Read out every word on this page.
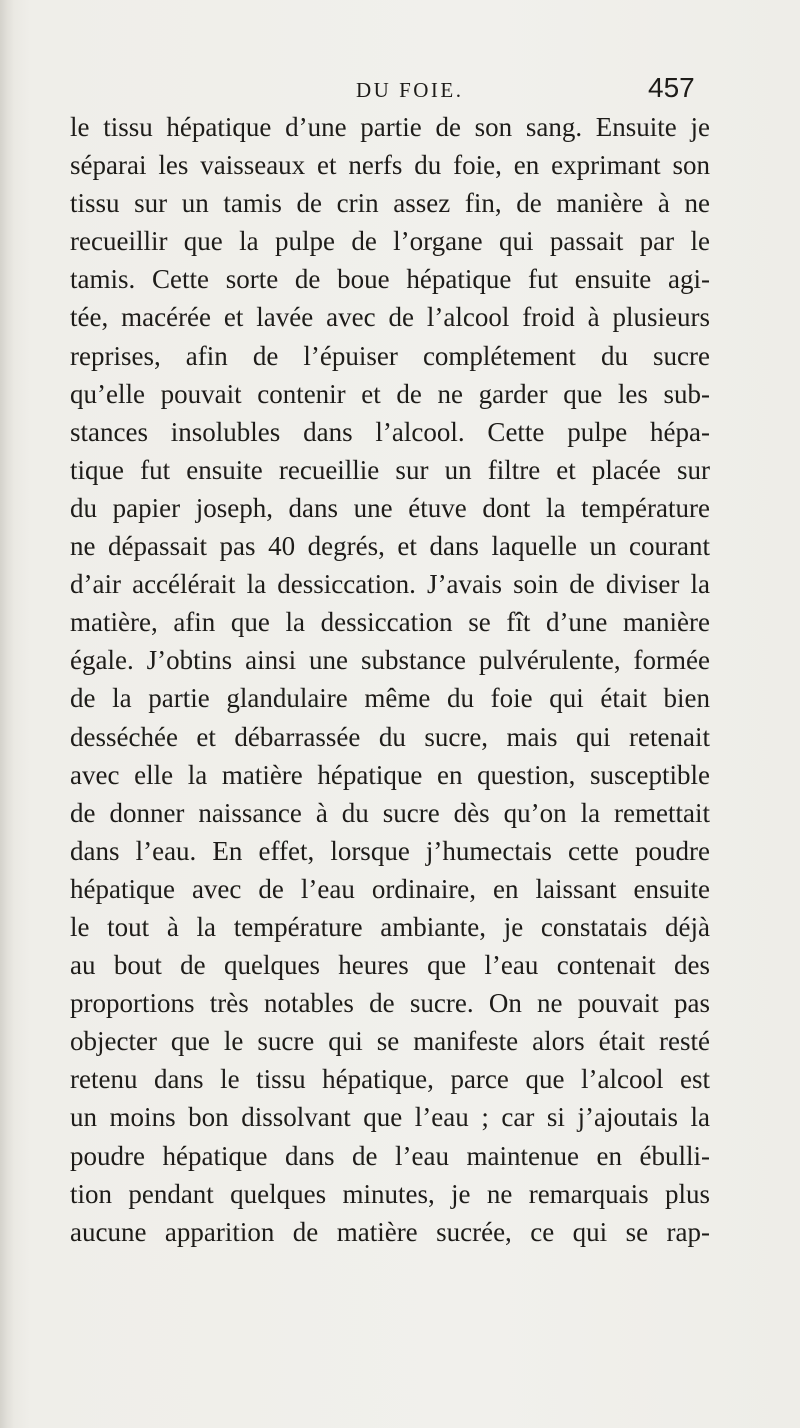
DU FOIE.	457
le tissu hépatique d’une partie de son sang. Ensuite je
séparai les vaisseaux et nerfs du foie, en exprimant son
tissu sur un tamis de crin assez fin, de manière à ne
recueillir que la pulpe de l’organe qui passait par le
tamis. Cette sorte de boue hépatique fut ensuite agi-
tée, macérée et lavée avec de l’alcool froid à plusieurs
reprises, afin de l’épuiser complétement du sucre
qu’elle pouvait contenir et de ne garder que les sub-
stances insolubles dans l’alcool. Cette pulpe hépa-
tique fut ensuite recueillie sur un filtre et placée sur
du papier joseph, dans une étuve dont la température
ne dépassait pas 40 degrés, et dans laquelle un courant
d’air accélérait la dessiccation. J’avais soin de diviser la
matière, afin que la dessiccation se fît d’une manière
égale. J’obtins ainsi une substance pulvérulente, formée
de la partie glandulaire même du foie qui était bien
desséchée et débarrassée du sucre, mais qui retenait
avec elle la matière hépatique en question, susceptible
de donner naissance à du sucre dès qu’on la remettait
dans l’eau. En effet, lorsque j’humectais cette poudre
hépatique avec de l’eau ordinaire, en laissant ensuite
le tout à la température ambiante, je constatais déjà
au bout de quelques heures que l’eau contenait des
proportions très notables de sucre. On ne pouvait pas
objecter que le sucre qui se manifeste alors était resté
retenu dans le tissu hépatique, parce que l’alcool est
un moins bon dissolvant que l’eau ; car si j’ajoutais la
poudre hépatique dans de l’eau maintenue en ébulli-
tion pendant quelques minutes, je ne remarquais plus
aucune apparition de matière sucrée, ce qui se rap-
